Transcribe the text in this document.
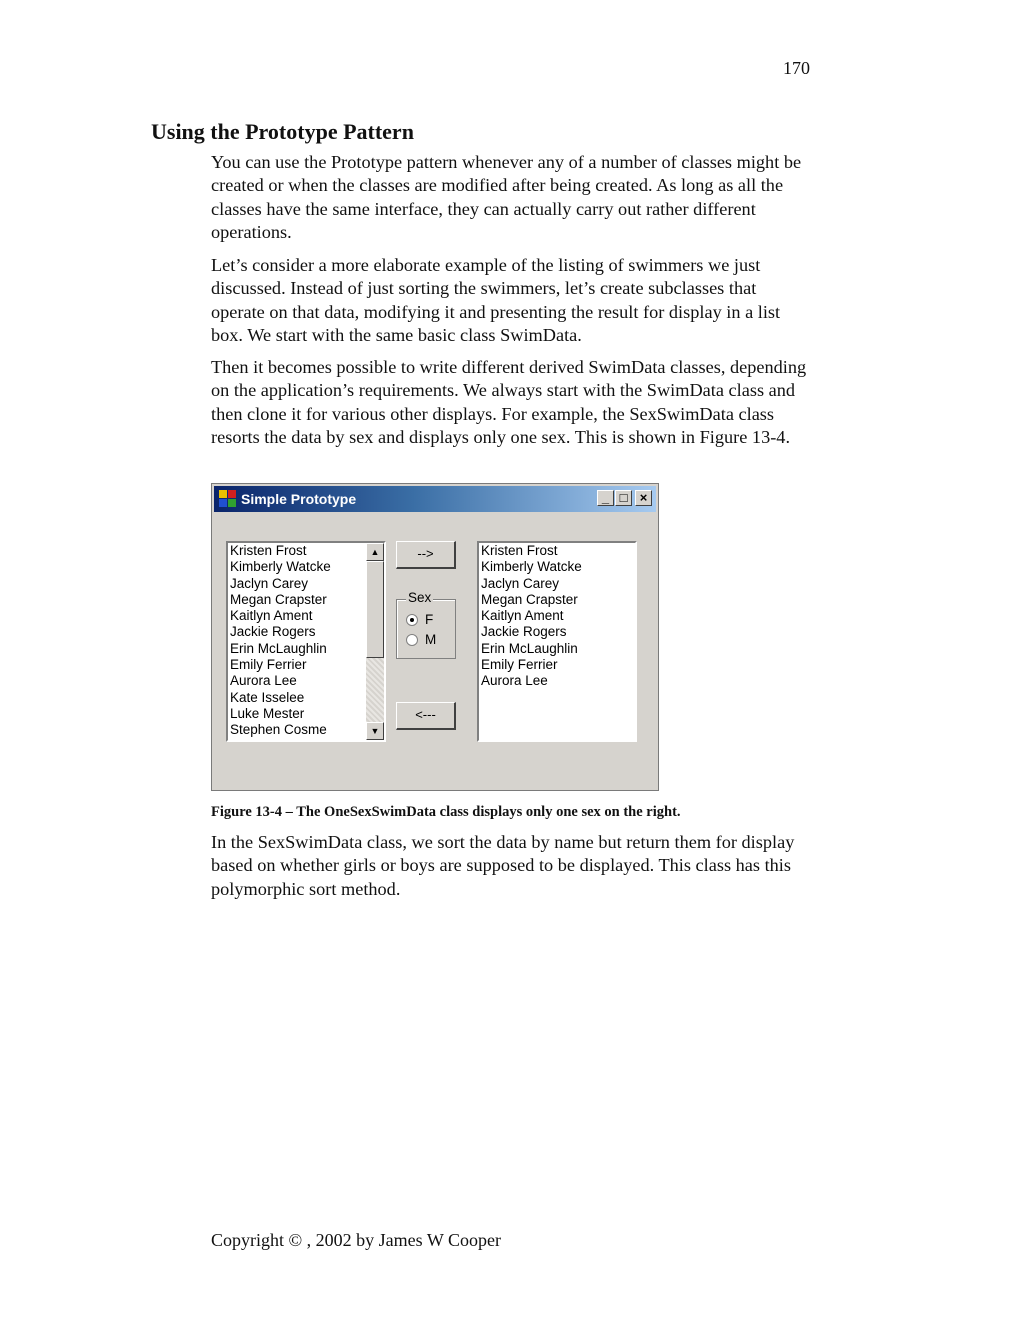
170
Using the Prototype Pattern

You can use the Prototype pattern whenever any of a number of classes might be created or when the classes are modified after being created. As long as all the classes have the same interface, they can actually carry out rather different operations.

Let’s consider a more elaborate example of the listing of swimmers we just discussed. Instead of just sorting the swimmers, let’s create subclasses that operate on that data, modifying it and presenting the result for display in a list box. We start with the same basic class SwimData.

Then it becomes possible to write different derived SwimData classes, depending on the application’s requirements. We always start with the SwimData class and then clone it for various other displays. For example, the SexSwimData class resorts the data by sex and displays only one sex. This is shown in Figure 13-4.

Simple Prototype	_ □ ×
Kristen Frost
Kimberly Watcke
Jaclyn Carey
Megan Crapster
Kaitlyn Ament
Jackie Rogers
Erin McLaughlin
Emily Ferrier
Aurora Lee
Kate Isselee
Luke Mester
Stephen Cosme
▲
▼
-->
Sex
F
M
<---
Kristen Frost
Kimberly Watcke
Jaclyn Carey
Megan Crapster
Kaitlyn Ament
Jackie Rogers
Erin McLaughlin
Emily Ferrier
Aurora Lee

Figure 13-4 – The OneSexSwimData class displays only one sex on the right.

In the SexSwimData class, we sort the data by name but return them for display based on whether girls or boys are supposed to be displayed. This class has this polymorphic sort method.

Copyright © , 2002 by James W Cooper
